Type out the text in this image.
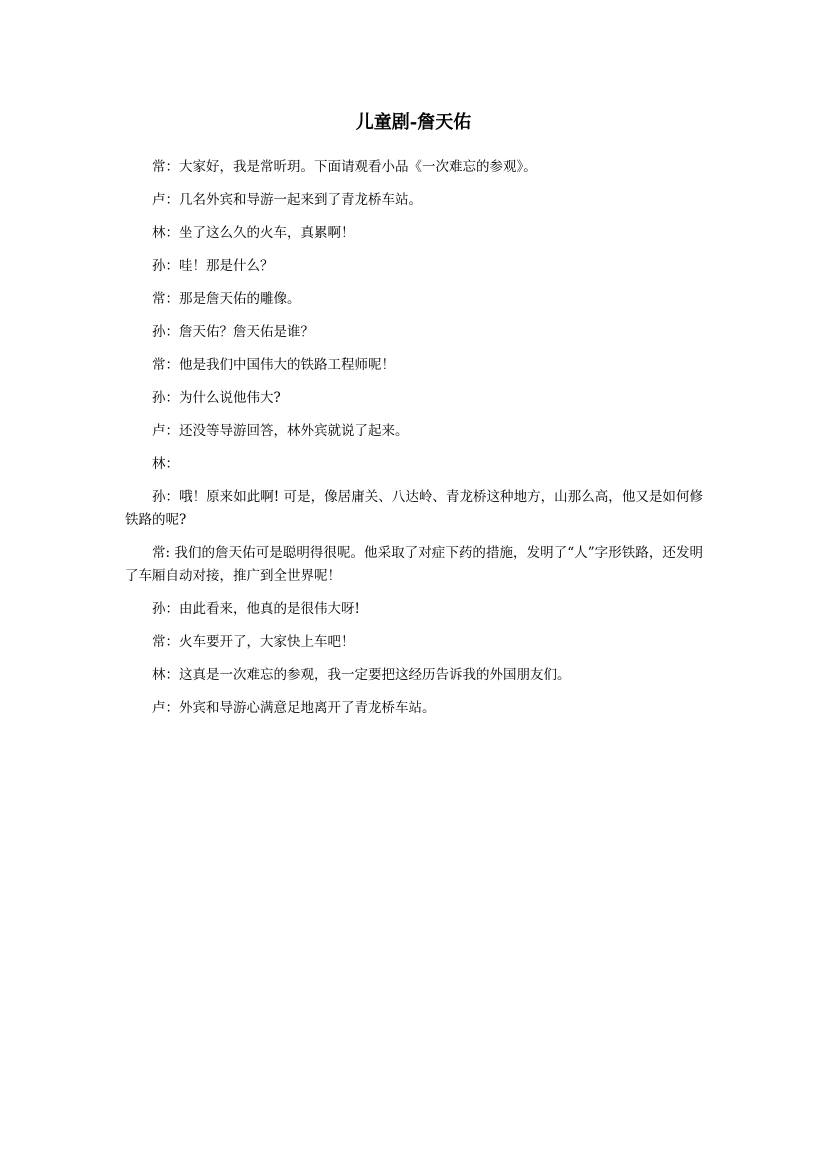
儿童剧-詹天佑

常：大家好，我是常昕玥。下面请观看小品《一次难忘的参观》。

卢：几名外宾和导游一起来到了青龙桥车站。

林：坐了这么久的火车，真累啊！

孙：哇！那是什么？

常：那是詹天佑的雕像。

孙：詹天佑？詹天佑是谁？

常：他是我们中国伟大的铁路工程师呢！

孙：为什么说他伟大?

卢：还没等导游回答，林外宾就说了起来。

林：

孙：哦！原来如此啊! 可是，像居庸关、八达岭、青龙桥这种地方，山那么高，他又是如何修铁路的呢?

常: 我们的詹天佑可是聪明得很呢。他采取了对症下药的措施，发明了“人”字形铁路，还发明了车厢自动对接，推广到全世界呢！

孙：由此看来，他真的是很伟大呀!

常：火车要开了，大家快上车吧！

林：这真是一次难忘的参观，我一定要把这经历告诉我的外国朋友们。

卢：外宾和导游心满意足地离开了青龙桥车站。
